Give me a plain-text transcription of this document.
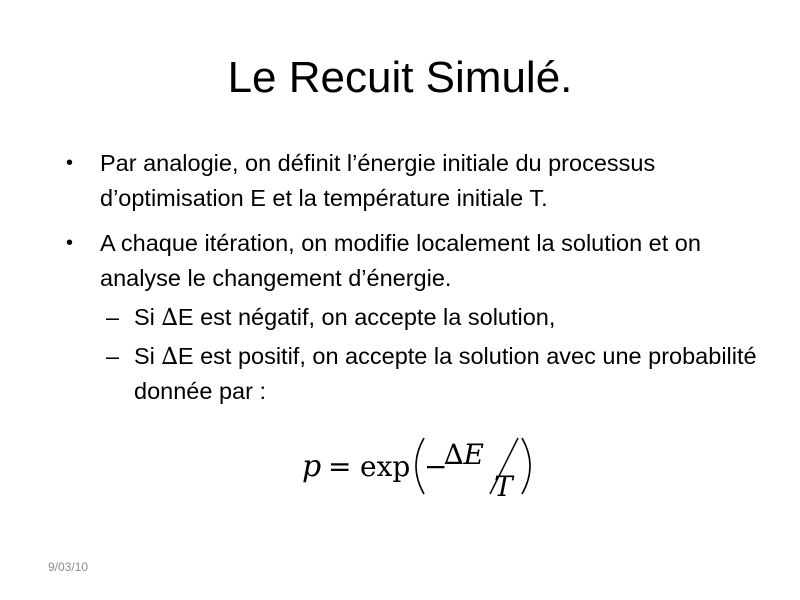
Le Recuit Simulé.
• Par analogie, on définit l’énergie initiale du processus d’optimisation E et la température initiale T.
• A chaque itération, on modifie localement la solution et on analyse le changement d’énergie.
– Si ∆E est négatif, on accepte la solution,
– Si ∆E est positif, on accepte la solution avec une probabilité donnée par :
p = exp −
∆E
T
9/03/10
